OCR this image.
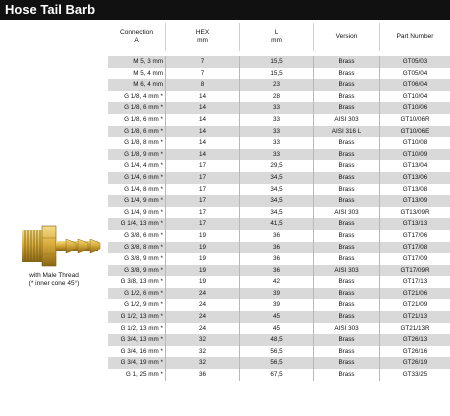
Hose Tail Barb
with Male Thread
(* inner cone 45°)
Connection
A
HEX
mm
L
mm
Version	Part Number
M 5, 3 mm	7	15,5	Brass	GT05/03
M 5, 4 mm	7	15,5	Brass	GT05/04
M 6, 4 mm	8	23	Brass	GT06/04
G 1/8, 4 mm *	14	28	Brass	GT10/04
G 1/8, 6 mm *	14	33	Brass	GT10/06
G 1/8, 6 mm *	14	33	AISI 303	GT10/06R
G 1/8, 6 mm *	14	33	AISI 316 L	GT10/06E
G 1/8, 8 mm *	14	33	Brass	GT10/08
G 1/8, 9 mm *	14	33	Brass	GT10/09
G 1/4, 4 mm *	17	29,5	Brass	GT13/04
G 1/4, 6 mm *	17	34,5	Brass	GT13/06
G 1/4, 8 mm *	17	34,5	Brass	GT13/08
G 1/4, 9 mm *	17	34,5	Brass	GT13/09
G 1/4, 9 mm *	17	34,5	AISI 303	GT13/09R
G 1/4, 13 mm *	17	41,5	Brass	GT13/13
G 3/8, 6 mm *	19	36	Brass	GT17/06
G 3/8, 8 mm *	19	36	Brass	GT17/08
G 3/8, 9 mm *	19	36	Brass	GT17/09
G 3/8, 9 mm *	19	36	AISI 303	GT17/09R
G 3/8, 13 mm *	19	42	Brass	GT17/13
G 1/2, 6 mm *	24	39	Brass	GT21/06
G 1/2, 9 mm *	24	39	Brass	GT21/09
G 1/2, 13 mm *	24	45	Brass	GT21/13
G 1/2, 13 mm *	24	45	AISI 303	GT21/13R
G 3/4, 13 mm *	32	48,5	Brass	GT26/13
G 3/4, 16 mm *	32	56,5	Brass	GT26/16
G 3/4, 19 mm *	32	56,5	Brass	GT26/19
G 1, 25 mm *	36	67,5	Brass	GT33/25
